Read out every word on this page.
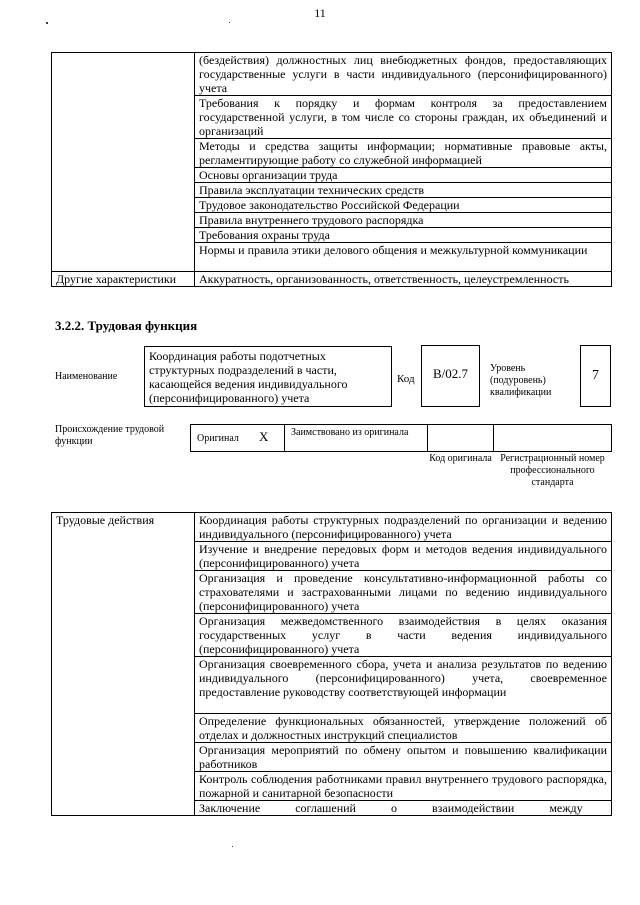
11
	(бездействия) должностных лиц внебюджетных фондов, предоставляющих государственные услуги в части индивидуального (персонифицированного) учета
	Требования к порядку и формам контроля за предоставлением государственной услуги, в том числе со стороны граждан, их объединений и организаций
	Методы и средства защиты информации; нормативные правовые акты, регламентирующие работу со служебной информацией
	Основы организации труда
	Правила эксплуатации технических средств
	Трудовое законодательство Российской Федерации
	Правила внутреннего трудового распорядка
	Требования охраны труда
	Нормы и правила этики делового общения и межкультурной коммуникации
Другие характеристики	Аккуратность, организованность, ответственность, целеустремленность
3.2.2. Трудовая функция
Наименование
Координация работы подотчетных структурных подразделений в части, касающейся ведения индивидуального (персонифицированного) учета
Код	B/02.7	Уровень (подуровень) квалификации
7
Происхождение трудовой функции	Оригинал X Заимствовано из оригинала
Код оригинала Регистрационный номер профессионального стандарта
Трудовые действия	Координация работы структурных подразделений по организации и ведению индивидуального (персонифицированного) учета
Изучение и внедрение передовых форм и методов ведения индивидуального (персонифицированного) учета
Организация и проведение консультативно-информационной работы со страхователями и застрахованными лицами по ведению индивидуального (персонифицированного) учета
Организация межведомственного взаимодействия в целях оказания государственных услуг в части ведения индивидуального (персонифицированного) учета
Организация своевременного сбора, учета и анализа результатов по ведению индивидуального (персонифицированного) учета, своевременное предоставление руководству соответствующей информации
Определение функциональных обязанностей, утверждение положений об отделах и должностных инструкций специалистов
Организация мероприятий по обмену опытом и повышению квалификации работников
Контроль соблюдения работниками правил внутреннего трудового распорядка, пожарной и санитарной безопасности
Заключение соглашений о взаимодействии между
